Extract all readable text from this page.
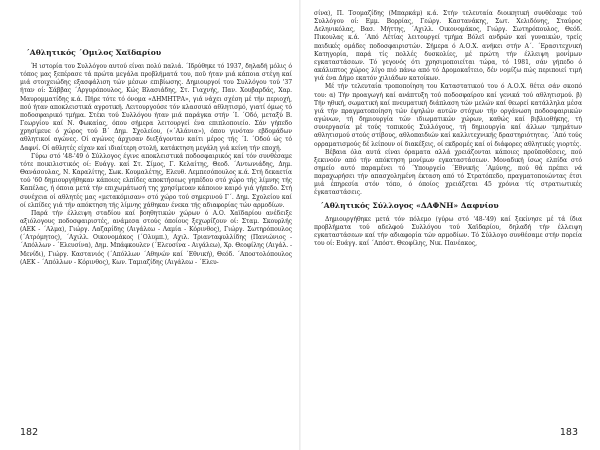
΄Αθλητικός ΄Ομιλος Χαϊδαρίου

Ή ιστορία του Συλλόγου αυτού είναι πολύ παλιά. ΄Ιδρύθηκε τό 1937, δηλαδή μόλις ό τόπος μας ξεπέρασε τά πρώτα μεγάλα προβλήματά του, ποϋ ήταν μιά κάποια στέγη καί μιά στοιχειώδης εξασφάλιση τών μέσων επιβίωσης. Δημιουργοί του Συλλόγου τού '37 ήταν οί: Σάββας ΄Αργυρόπουλος, Κώς Βλασιάδης, Στ. Γιαχνής, Παν. Χουβαρδάς, Χαρ. Μαυρομματίδης κ.ά. Πήρε τότε τό όνομα «ΔΗΜΗΤΡΑ», γιά νάχει σχέση μέ τήν περιοχή, πού ήταν αποκλειστικά αγροτική. Λειτουργούσε τόν κλασσικό αθλητισμό, γιατί όμως τό ποδοσφαιρικό τμήμα. Στέκι τού Συλλόγου ήταν μιά παράγκα στήν ΄Ι. ΄Οδό, μεταξύ Β. Γεωργίου καί Ν. Φωκαίας, όπου σήμερα λειτουργεί ένα επιπλοποιείο. Σάν γήπεδο χρησίμευε ό χώρος τού Β΄ Δημ. Σχολείου, («΄Αλάνια»), όπου γινόταν εβδομάδων αθλητικοί αγώνες. Οί αγώνες άρχισαν διεξάγονταν καίτι μέρος τής ΄Ι. ΄Οδού ώς τό Δαφνί. Οί αθλητές είχαν καί ιδιαίτερη στολή, κατάκτηση μεγάλη γιά κείνη τήν εποχή.

Γύρω στό '48-'49 ό Σύλλογος έγινε αποκλειστικά ποδοσφαιρικός καί τόν συνθέσαμε τότε ποικιλιστικός οί: Ευάγγ. καί Στ. Σίμος, Γ. Κελαίτης, Θεοδ. ΄Αντωνιάδης, Δημ. Θανάσουλας, Ν. Καραλίτης, Σωκ. Κουμαλέτης, Ελευθ. Λεμπεσόπουλος κ.ά. Στή δεκαετία τού '60 δημιουργήθηκαν κάποιες ελπίδες αποκτήσεως γηπέδου στό χώρο τής λίμνης τής Καπέλας, ή όποια μετά τήν επιχωμάτωσή της χρησίμευαν κάποιον καιρό γιά γήπεδο. Στή συνέχεια οί αθλητές μας «μετακόμισαν» στό χώρο τού σημερινού Γ΄. Δημ. Σχολείου καί οί ελπίδες γιά τήν απόκτηση τής λίμνης χάθηκαν ένεκα τής αδιαφορίας τών αρμοδίων.

Παρά τήν έλλειψη σταδίου καί βοηθητικών χώρων ό Α.Ο. Χαϊδαρίου ανέδειξε αξιόλογους ποδοσφαιριστές, ανάμεσα στούς όποίους ξεχωρίζουν οί: Σταμ. Σκουρλής (ΑΕΚ - ΄Αλμα), Γιώργ. Λαζαρίδης (Αιγάλεω - Λαμία - Κόρινθος), Γιώργ. Σωτηρόπουλος (΄Ατρόμητος), ΄Αχιλλ. Οικονομάκος (΄Ολυμπ.), Αχιλ. Τριανταφυλλίδης (Πανιώνιος - ΄Απόλλων - ΄Ελευσίνα), Δημ. Μπάφκουλεν (΄Ελευσίνα - Αιγάλεω), Χρ. Θεοφίλης (Αιγάλ. - Μενίδι), Γιώργ. Καστανιός (΄Απόλλων ΄Αθηνών καί ΄Εθνική), Θεόδ. ΄Αποστολόπουλος (ΑΕΚ - ΄Απόλλων - Κόρινθος), Κων. Ταμιαζίδης (Αιγάλεω - ΄Ελευ-

182

σίνα), Π. Τσομαζίδης (Μπαρκάμ) κ.ά. Στήν τελευταία διοικητική συνθέσαμε τού Συλλόγου οί: Εμμ. Βορρίας, Γεώργ. Καστανάκης, Σωτ. Χελιδόνης, Σταύρος Δεληνικόλας, Βασ. Μήττης, ΄Αχιλλ. Οικονομάκος, Γιώργ. Σωτηρόπουλος, Θεόδ. Πικουλας κ.ά. ΄Από Λέτίας λειτουργεί τμήμα Βόλεϊ ανδρών καί γυναικών, τρείς παιδικές ομάδες ποδοσφαιριστών. Σήμερα ό Α.Ο.Χ. ανήκει στήν Α΄. ΄Ερασιτεχνική Κατηγορία, παρά τίς πολλές δυσκολίες, μέ πρώτη τήν έλλειψη μονίμων εγκαταστάσεων. Τό γεγονός ότι χρησιμοποιείται τώρα, τό 1981, σάν γήπεδο ό ακάλυπτος χώρος λίγο πιό πάνω από τό Δρομοκαΐτειο, δέν νομίζω πώς περιποιεί τιμή γιά ένα Δήμο εκατόν χιλιάδων κατοίκων.

Μέ τήν τελευταία τροποποίηση του Καταστατικού του ό Α.Ο.Χ. θέτει σάν σκοπό του: α) Τήν προαγωγή καί ανάπτυξη τού ποδοσφαίρου καί γενικά τού αθλητισμού. β) Τήν ηθική, σωματική καί πνευματική διάπλαση τών μελών καί θεωρεί κατάλληλα μέσα γιά τήν πραγματοποίηση τών έψηλών αυτών στόχων τήν οργάνωση ποδοσφαιρικών αγώνων, τή δημιουργία τών ιδιωματικών χώρων, καθώς καί βιβλιοθήκης, τή συνεργασία μέ τούς τοπικούς Συλλόγους, τή δημιουργία καί άλλων τμημάτων αθλητισμού στούς στίβους, αθλοπαιδιών καί καλλιτεχνικής δραστηριότητας. ΄Από τούς ορραματισμούς δέ λείπουν οί διακέξεις, οί εκδρομές καί οί διάφορες αθλητικές γιορτές.

Βέβαια όλα αυτά είναι όραματα αλλά χρειάζονται κάποιες προϋποθέσεις, πού ξεκινούν από τήν απόκτηση μονίμων εγκαταστάσεων. Μοναδική ίσως ελπίδα στό σημείο αυτό παραμένει τό ΄Υπουργείο ΄Εθνικής ΄Αμύνης, πού θά πρέπει νά παραχωρήσει τήν απασχολημένη έκταση από τό Στρατόπεδο, πραγματοποιώντας έτσι μιά έπηρεσία στόν τόπο, ό όποίος χρειάζεται 45 χρόνια τίς στρατιωτικές έγκαταστάσεις.

΄Αθλητικός Σύλλογος «ΔΑΦΝΗ» Δαφνίου

Δημιουργήθηκε μετά τόν πόλεμο (γύρω στό '48-'49) καί ξεκίνησε μέ τά ίδια προβλήματα τού αδελφού Συλλόγου τού Χαϊδαρίου, δηλαδή τήν έλλειψη εγκαταστάσεων καί τήν αδιαφορία τών αρμοδίων. Τό Σύλλογο συνθέσαμε στήν πορεία του οί: Ευάγγ. καί ΄Απόστ. Θεοφίλης, Νικ. Πανέακος,

183
